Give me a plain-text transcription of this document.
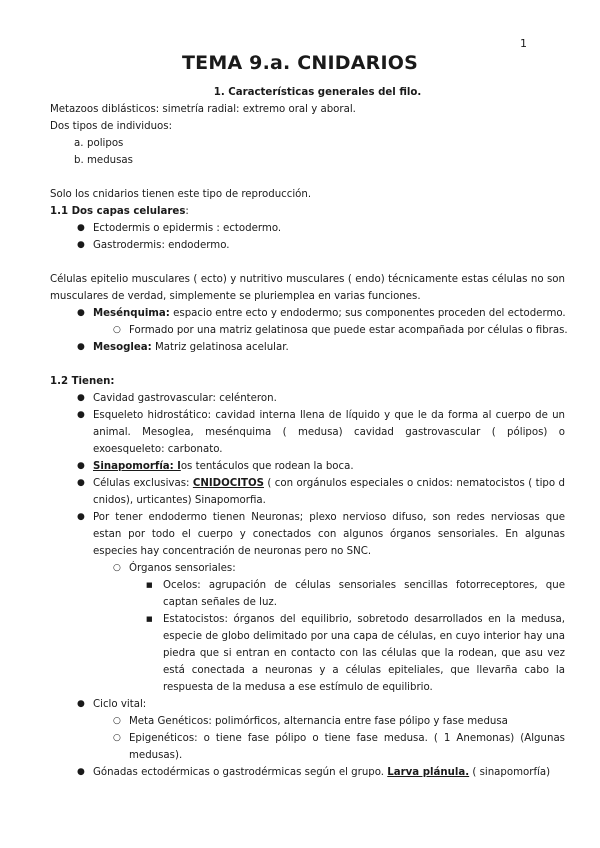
1
TEMA 9.a. CNIDARIOS

1. Características generales del filo.

Metazoos diblásticos: simetría radial: extremo oral y aboral.

Dos tipos de individuos:

a. polipos

b. medusas

Solo los cnidarios tienen este tipo de reproducción.

1.1 Dos capas celulares:

● Ectodermis o epidermis : ectodermo.

● Gastrodermis: endodermo.

Células epitelio musculares ( ecto) y nutritivo musculares ( endo) técnicamente estas células no son musculares de verdad, simplemente se pluriemplea en varias funciones.

● Mesénquima: espacio entre ecto y endodermo; sus componentes proceden del ectodermo.

○ Formado por una matriz gelatinosa que puede estar acompañada por células o fibras.

● Mesoglea: Matriz gelatinosa acelular.

1.2 Tienen:

● Cavidad gastrovascular: celénteron.

● Esqueleto hidrostático: cavidad interna llena de líquido y que le da forma al cuerpo de un animal. Mesoglea, mesénquima ( medusa) cavidad gastrovascular ( pólipos) o exoesqueleto: carbonato.

● Sinapomorfía: los tentáculos que rodean la boca.

● Células exclusivas: CNIDOCITOS ( con orgánulos especiales o cnidos: nematocistos ( tipo d cnidos), urticantes) Sinapomorfia.
● Por tener endodermo tienen Neuronas; plexo nervioso difuso, son redes nerviosas que estan por todo el cuerpo y conectados con algunos órganos sensoriales. En algunas especies hay concentración de neuronas pero no SNC.

○ Órganos sensoriales:

■ Ocelos: agrupación de células sensoriales sencillas fotorreceptores, que captan señales de luz.
■ Estatocistos: órganos del equilibrio, sobretodo desarrollados en la medusa, especie de globo delimitado por una capa de células, en cuyo interior hay una piedra que si entran en contacto con las células que la rodean, que asu vez está conectada a neuronas y a células epiteliales, que llevarña cabo la respuesta de la medusa a ese estímulo de equilibrio.

● Ciclo vital:

○ Meta Genéticos: polimórficos, alternancia entre fase pólipo y fase medusa

○ Epigenéticos: o tiene fase pólipo o tiene fase medusa. ( 1 Anemonas) (Algunas medusas).

● Gónadas ectodérmicas o gastrodérmicas según el grupo. Larva plánula. ( sinapomorfía)
